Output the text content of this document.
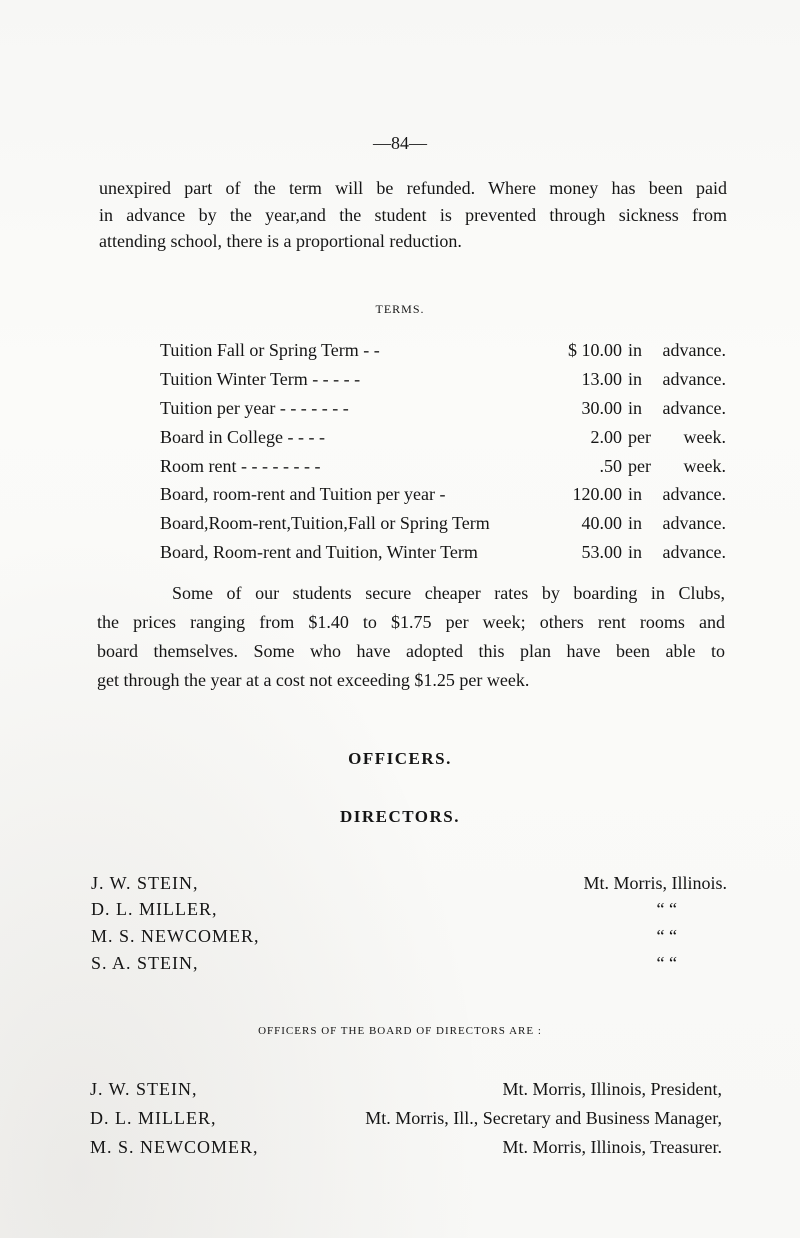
—84—
unexpired part of the term will be refunded. Where money has been paid
in advance by the year,and the student is prevented through sickness from
attending school, there is a proportional reduction.
TERMS.
Tuition Fall or Spring Term - -	$ 10.00 in advance.
Tuition Winter Term - - - - -	13.00 in advance.
Tuition per year - - - - - - -	30.00 in advance.
Board in College - - - -	2.00 per week.
Room rent - - - - - - - -	.50 per week.
Board, room-rent and Tuition per year -	120.00 in advance.
Board,Room-rent,Tuition,Fall or Spring Term	40.00 in advance.
Board, Room-rent and Tuition, Winter Term	53.00 in advance.
Some of our students secure cheaper rates by boarding in Clubs,
the prices ranging from $1.40 to $1.75 per week; others rent rooms and
board themselves. Some who have adopted this plan have been able to
get through the year at a cost not exceeding $1.25 per week.
OFFICERS.
DIRECTORS.
J. W. STEIN,	Mt. Morris, Illinois.
D. L. MILLER,	“ “
M. S. NEWCOMER,	“ “
S. A. STEIN,	“ “
OFFICERS OF THE BOARD OF DIRECTORS ARE :
J. W. STEIN,	Mt. Morris, Illinois, President,
D. L. MILLER,	Mt. Morris, Ill., Secretary and Business Manager,
M. S. NEWCOMER,	Mt. Morris, Illinois, Treasurer.
